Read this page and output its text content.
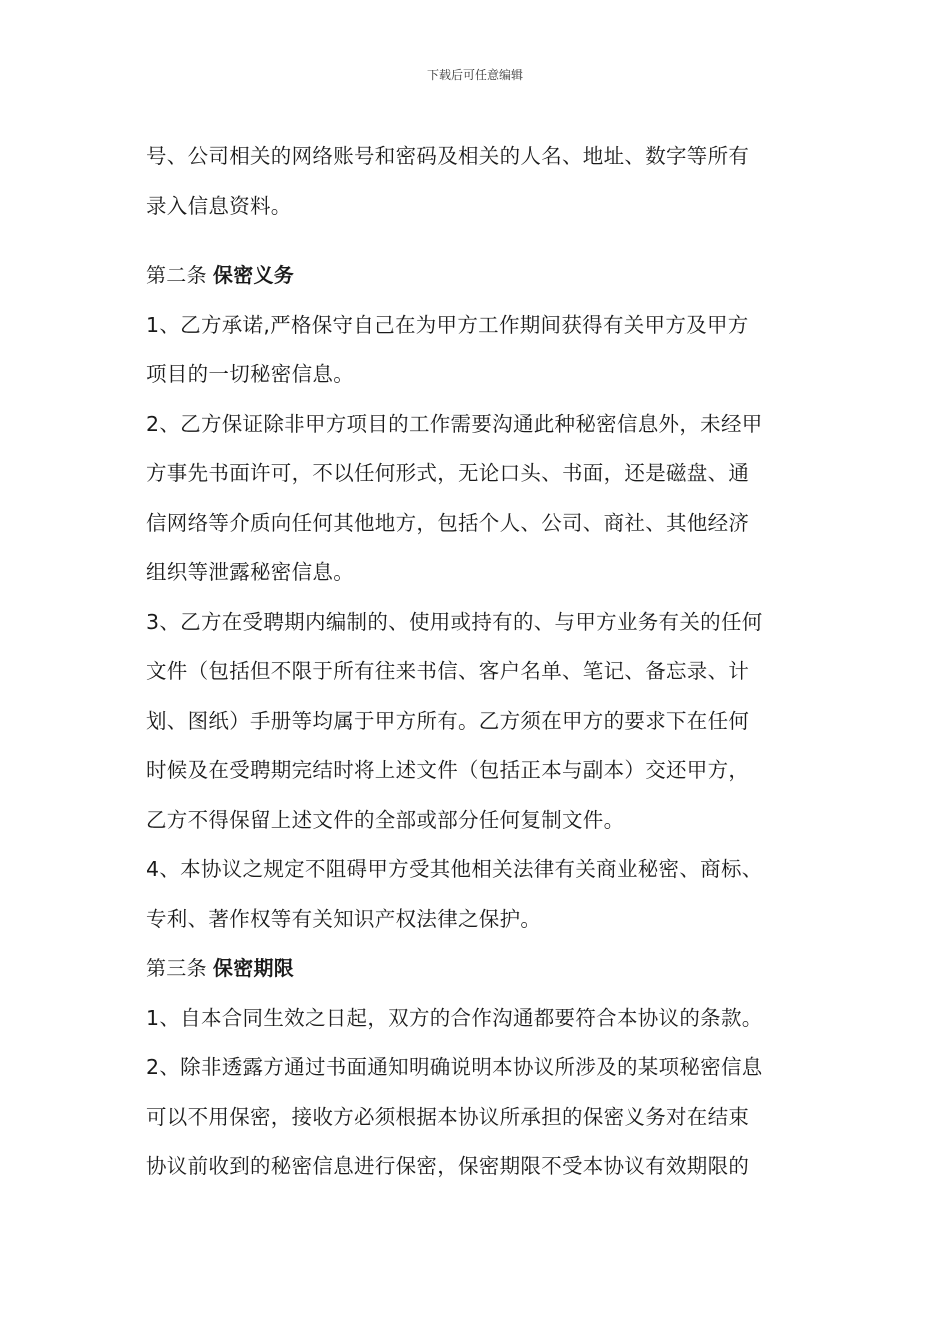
下载后可任意编辑
号、公司相关的网络账号和密码及相关的人名、地址、数字等所有
录入信息资料。
第二条 保密义务
1、乙方承诺,严格保守自己在为甲方工作期间获得有关甲方及甲方
项目的一切秘密信息。
2、乙方保证除非甲方项目的工作需要沟通此种秘密信息外，未经甲
方事先书面许可，不以任何形式，无论口头、书面，还是磁盘、通
信网络等介质向任何其他地方，包括个人、公司、商社、其他经济
组织等泄露秘密信息。
3、乙方在受聘期内编制的、使用或持有的、与甲方业务有关的任何
文件（包括但不限于所有往来书信、客户名单、笔记、备忘录、计
划、图纸）手册等均属于甲方所有。乙方须在甲方的要求下在任何
时候及在受聘期完结时将上述文件（包括正本与副本）交还甲方，
乙方不得保留上述文件的全部或部分任何复制文件。
4、本协议之规定不阻碍甲方受其他相关法律有关商业秘密、商标、
专利、著作权等有关知识产权法律之保护。
第三条 保密期限
1、自本合同生效之日起，双方的合作沟通都要符合本协议的条款。
2、除非透露方通过书面通知明确说明本协议所涉及的某项秘密信息
可以不用保密，接收方必须根据本协议所承担的保密义务对在结束
协议前收到的秘密信息进行保密，保密期限不受本协议有效期限的
